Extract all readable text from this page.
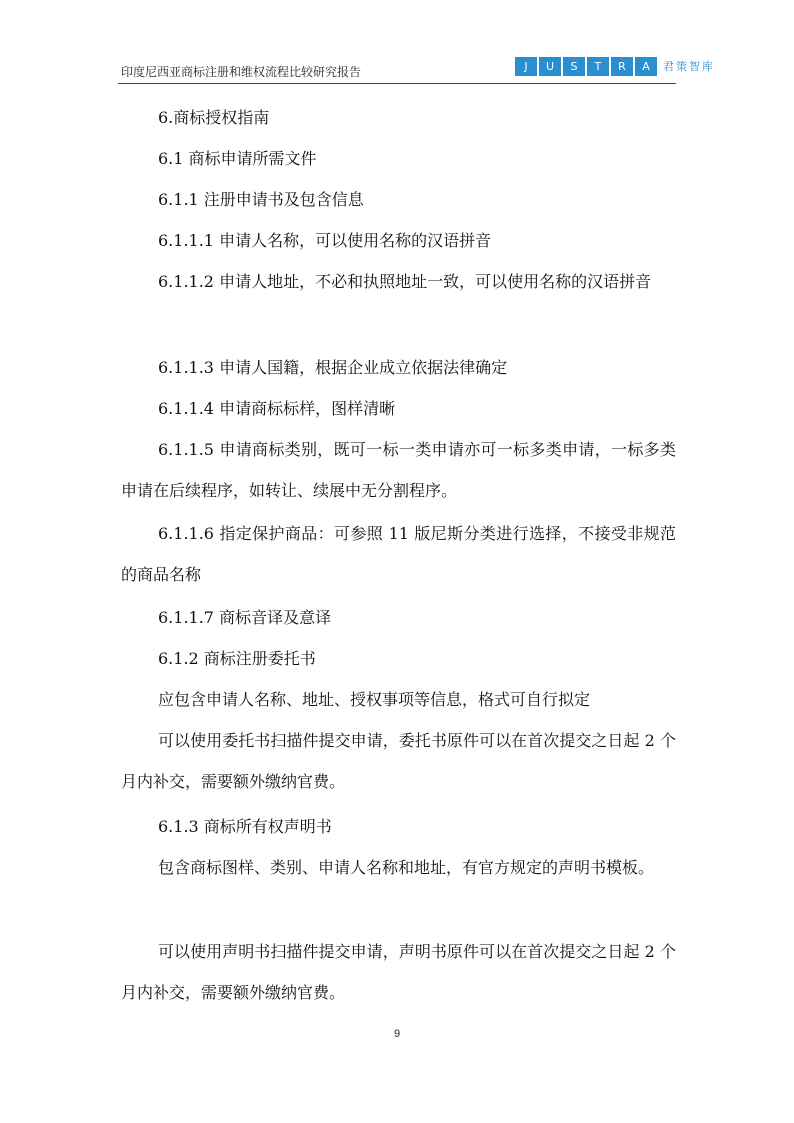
印度尼西亚商标注册和维权流程比较研究报告	J	U	S	T	R	A	君策智库

6.商标授权指南

6.1 商标申请所需文件

6.1.1 注册申请书及包含信息

6.1.1.1 申请人名称，可以使用名称的汉语拼音

6.1.1.2 申请人地址，不必和执照地址一致，可以使用名称的汉语拼音

6.1.1.3 申请人国籍，根据企业成立依据法律确定

6.1.1.4 申请商标标样，图样清晰

6.1.1.5 申请商标类别，既可一标一类申请亦可一标多类申请，一标多类申请在后续程序，如转让、续展中无分割程序。

6.1.1.6 指定保护商品：可参照 11 版尼斯分类进行选择，不接受非规范的商品名称

6.1.1.7 商标音译及意译

6.1.2 商标注册委托书

应包含申请人名称、地址、授权事项等信息，格式可自行拟定

可以使用委托书扫描件提交申请，委托书原件可以在首次提交之日起 2 个月内补交，需要额外缴纳官费。

6.1.3 商标所有权声明书

包含商标图样、类别、申请人名称和地址，有官方规定的声明书模板。

可以使用声明书扫描件提交申请，声明书原件可以在首次提交之日起 2 个月内补交，需要额外缴纳官费。

9
